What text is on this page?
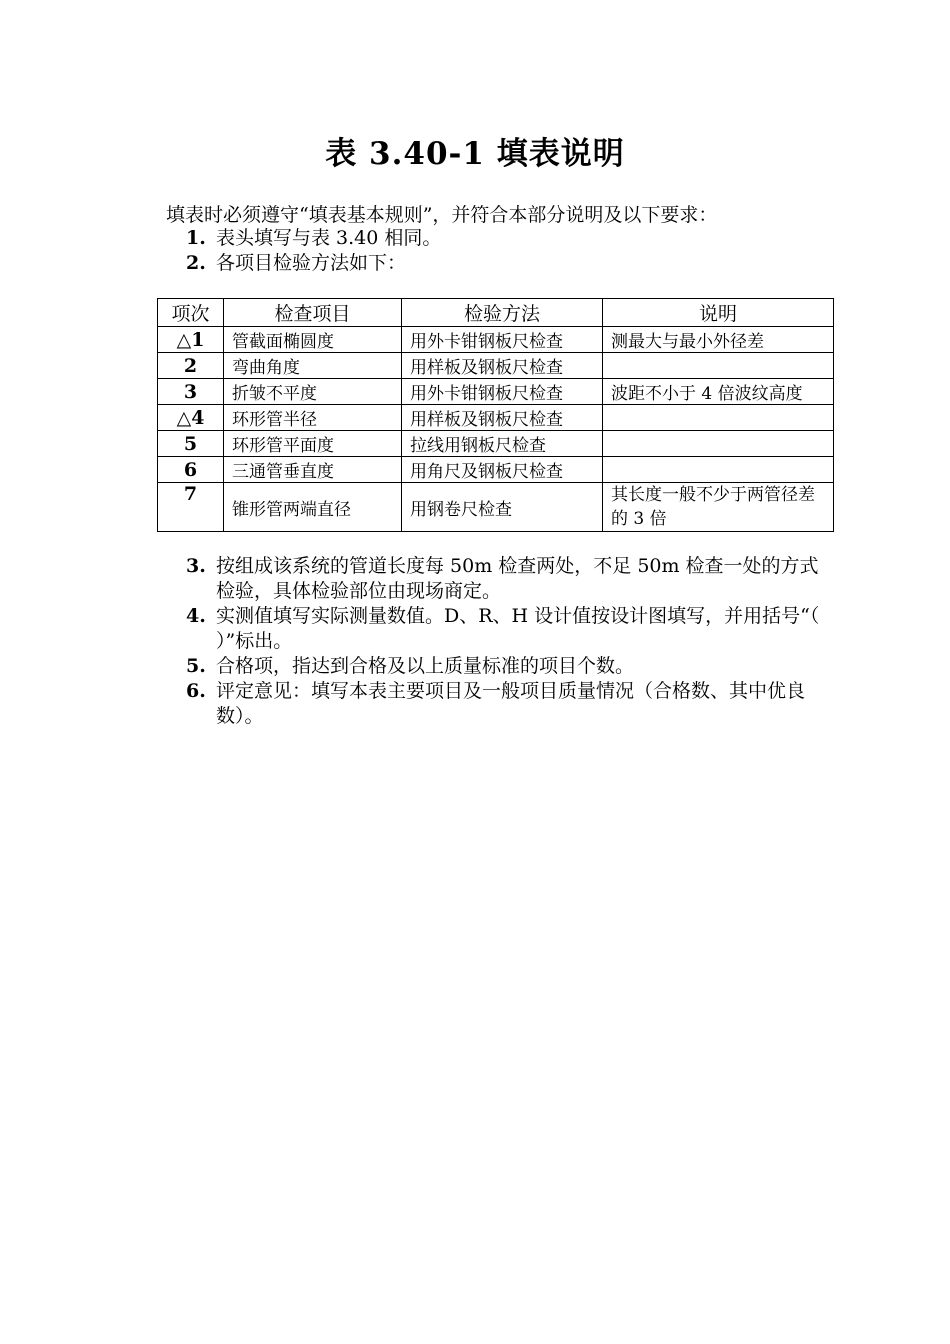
表 3.40-1 填表说明
填表时必须遵守“填表基本规则”，并符合本部分说明及以下要求：
1. 表头填写与表 3.40 相同。
2. 各项目检验方法如下：
项次	检查项目	检验方法	说明
△1	管截面椭圆度	用外卡钳钢板尺检查	测最大与最小外径差
2	弯曲角度	用样板及钢板尺检查	
3	折皱不平度	用外卡钳钢板尺检查	波距不小于 4 倍波纹高度
△4	环形管半径	用样板及钢板尺检查	
5	环形管平面度	拉线用钢板尺检查	
6	三通管垂直度	用角尺及钢板尺检查	
7	锥形管两端直径	用钢卷尺检查	其长度一般不少于两管径差的 3 倍
3. 按组成该系统的管道长度每 50m 检查两处，不足 50m 检查一处的方式检验，具体检验部位由现场商定。
4. 实测值填写实际测量数值。D、R、H 设计值按设计图填写，并用括号“（ ）”标出。
5. 合格项，指达到合格及以上质量标准的项目个数。
6. 评定意见：填写本表主要项目及一般项目质量情况（合格数、其中优良数）。
